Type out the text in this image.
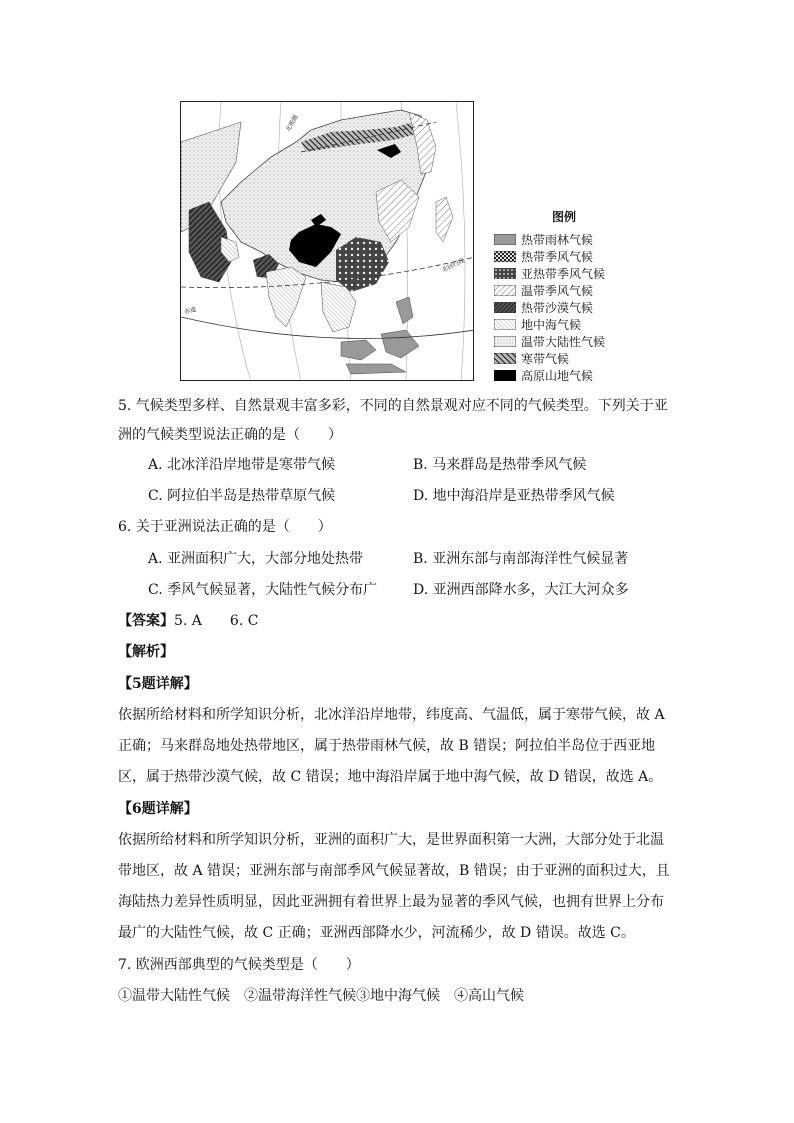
北极圈
北回归线
赤道
图例
热带雨林气候
热带季风气候
亚热带季风气候
温带季风气候
热带沙漠气候
地中海气候
温带大陆性气候
寒带气候
高原山地气候
5. 气候类型多样、自然景观丰富多彩，不同的自然景观对应不同的气候类型。下列关于亚
洲的气候类型说法正确的是（　　）
A. 北冰洋沿岸地带是寒带气候	B. 马来群岛是热带季风气候
C. 阿拉伯半岛是热带草原气候	D. 地中海沿岸是亚热带季风气候
6. 关于亚洲说法正确的是（　　）
A. 亚洲面积广大，大部分地处热带	B. 亚洲东部与南部海洋性气候显著
C. 季风气候显著，大陆性气候分布广	D. 亚洲西部降水多，大江大河众多
【答案】5. A　　6. C
【解析】
【5题详解】
依据所给材料和所学知识分析，北冰洋沿岸地带，纬度高、气温低，属于寒带气候，故 A
正确；马来群岛地处热带地区，属于热带雨林气候，故 B 错误；阿拉伯半岛位于西亚地
区，属于热带沙漠气候，故 C 错误；地中海沿岸属于地中海气候，故 D 错误，故选 A。
【6题详解】
依据所给材料和所学知识分析，亚洲的面积广大，是世界面积第一大洲，大部分处于北温
带地区，故 A 错误；亚洲东部与南部季风气候显著故，B 错误；由于亚洲的面积过大，且
海陆热力差异性质明显，因此亚洲拥有着世界上最为显著的季风气候，也拥有世界上分布
最广的大陆性气候，故 C 正确；亚洲西部降水少，河流稀少，故 D 错误。故选 C。
7. 欧洲西部典型的气候类型是（　　）
①温带大陆性气候　②温带海洋性气候③地中海气候　④高山气候
